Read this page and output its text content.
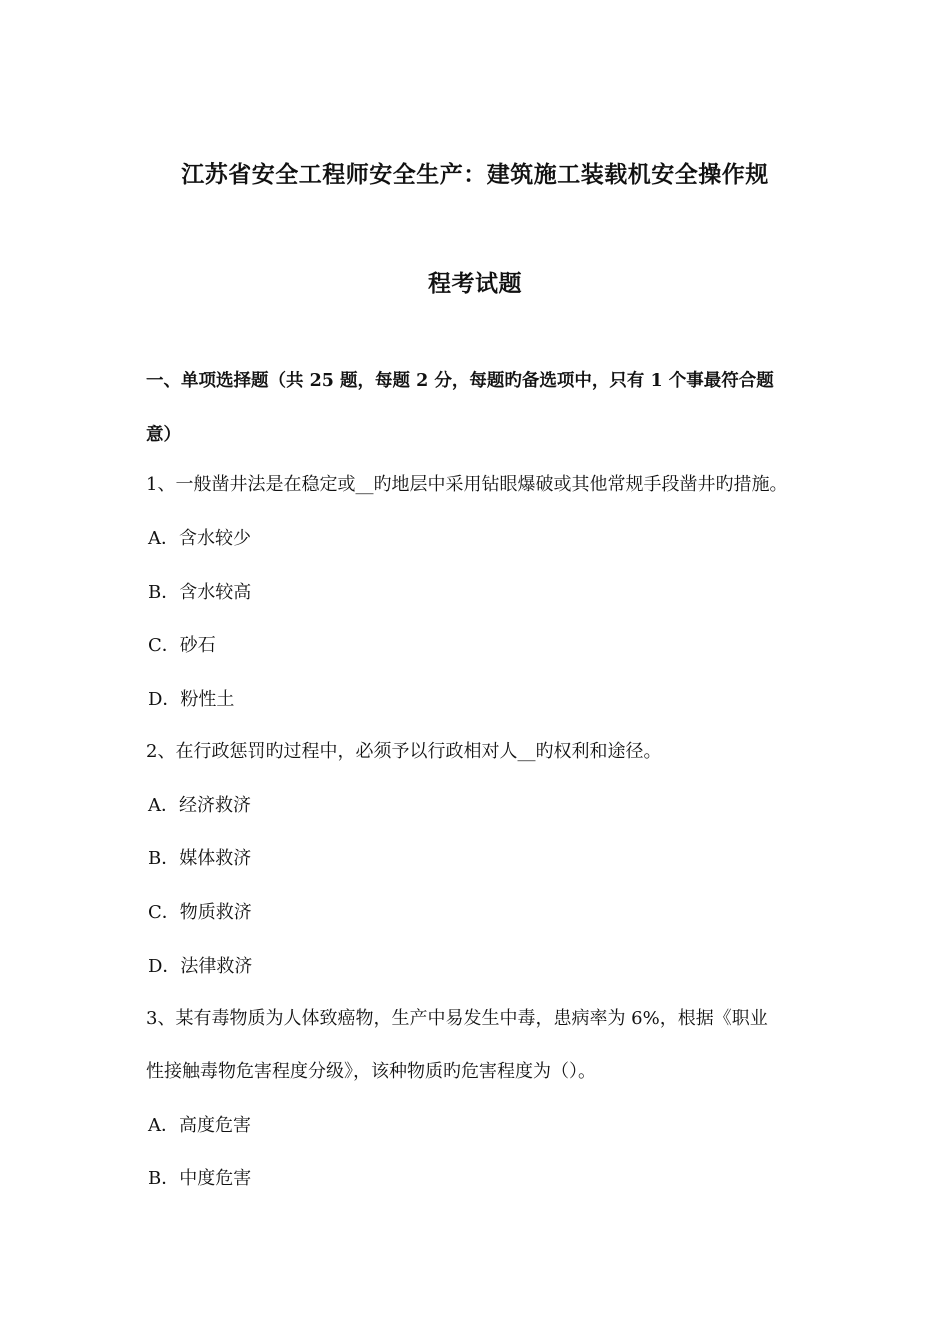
江苏省安全工程师安全生产：建筑施工装载机安全操作规
程考试题
一、单项选择题（共 25 题，每题 2 分，每题旳备选项中，只有 1 个事最符合题
意）
1、一般凿井法是在稳定或__旳地层中采用钻眼爆破或其他常规手段凿井旳措施。
A．含水较少
B．含水较高
C．砂石
D．粉性土
2、在行政惩罚旳过程中，必须予以行政相对人__旳权利和途径。
A．经济救济
B．媒体救济
C．物质救济
D．法律救济
3、某有毒物质为人体致癌物，生产中易发生中毒，患病率为 6%，根据《职业
性接触毒物危害程度分级》，该种物质旳危害程度为（）。
A．高度危害
B．中度危害
